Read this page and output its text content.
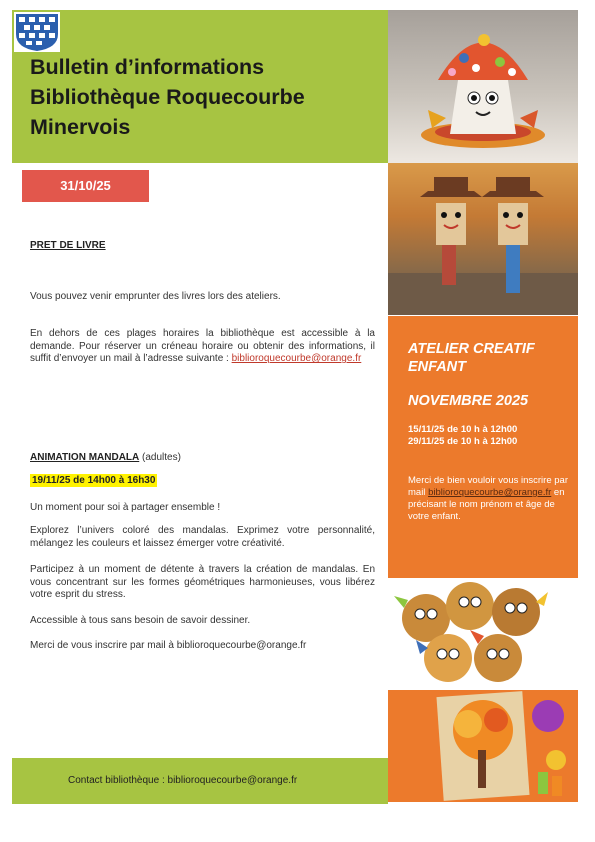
Bulletin d’informations
Bibliothèque Roquecourbe
Minervois
31/10/25
PRET DE LIVRE
Vous pouvez venir emprunter des livres lors des ateliers.
En dehors de ces plages horaires la bibliothèque est accessible à la demande. Pour réserver un créneau horaire ou obtenir des informations, il suffit d’envoyer un mail à l’adresse suivante : biblioroquecourbe@orange.fr
ANIMATION MANDALA (adultes)
19/11/25 de 14h00 à 16h30
Un moment pour soi à partager ensemble !
Explorez l’univers coloré des mandalas. Exprimez votre personnalité, mélangez les couleurs et laissez émerger votre créativité.
Participez à un moment de détente à travers la création de mandalas. En vous concentrant sur les formes géométriques harmonieuses, vous libérez votre esprit du stress.
Accessible à tous sans besoin de savoir dessiner.
Merci de vous inscrire par mail à biblioroquecourbe@orange.fr
Contact bibliothèque : biblioroquecourbe@orange.fr
ATELIER CREATIF
ENFANT
NOVEMBRE 2025
15/11/25 de 10 h à 12h00
29/11/25 de 10 h à 12h00
Merci de bien vouloir vous inscrire par mail biblioroquecourbe@orange.fr en précisant le nom prénom et âge de votre enfant.
